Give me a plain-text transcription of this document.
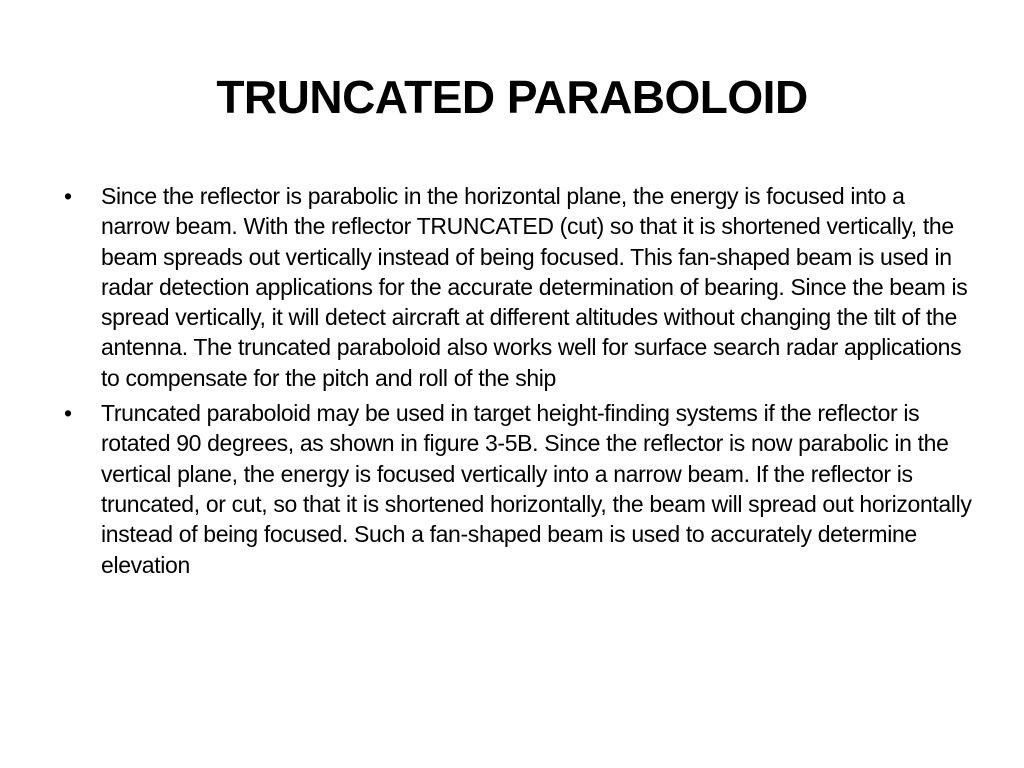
TRUNCATED PARABOLOID
• Since the reflector is parabolic in the horizontal plane, the energy is focused into a narrow beam. With the reflector TRUNCATED (cut) so that it is shortened vertically, the beam spreads out vertically instead of being focused. This fan-shaped beam is used in radar detection applications for the accurate determination of bearing. Since the beam is spread vertically, it will detect aircraft at different altitudes without changing the tilt of the antenna. The truncated paraboloid also works well for surface search radar applications to compensate for the pitch and roll of the ship
• Truncated paraboloid may be used in target height-finding systems if the reflector is rotated 90 degrees, as shown in figure 3-5B. Since the reflector is now parabolic in the vertical plane, the energy is focused vertically into a narrow beam. If the reflector is truncated, or cut, so that it is shortened horizontally, the beam will spread out horizontally instead of being focused. Such a fan-shaped beam is used to accurately determine elevation
